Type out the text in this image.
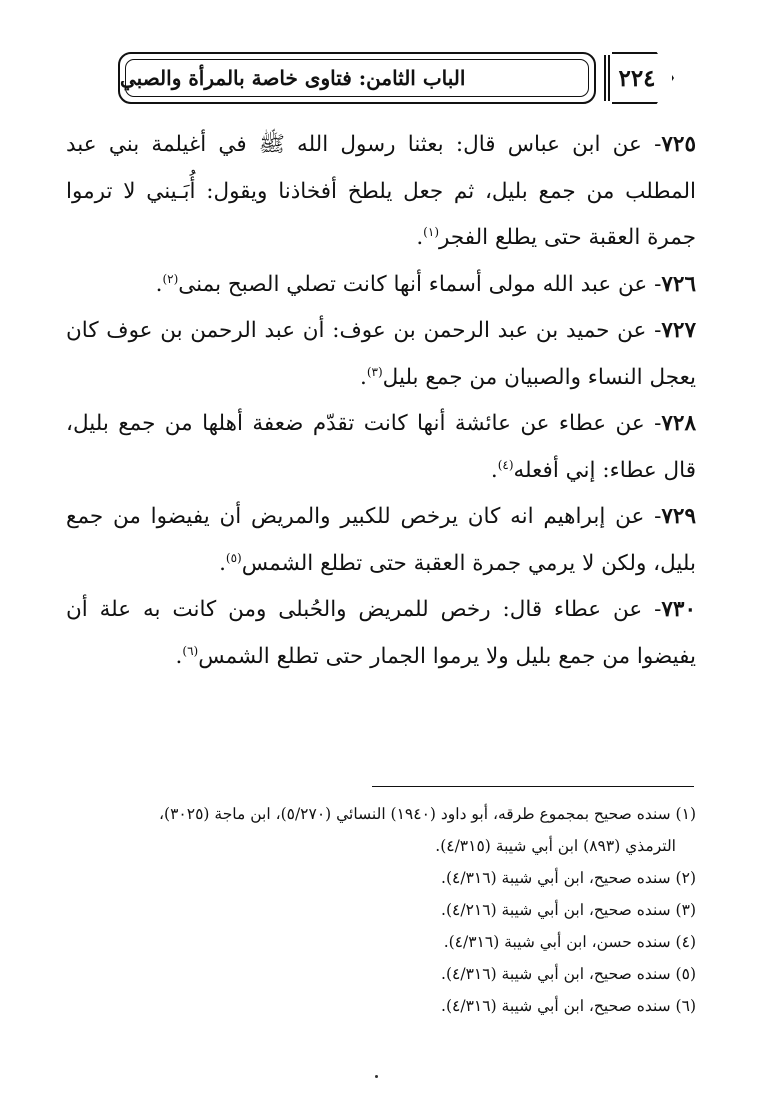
الباب الثامن: فتاوى خاصة بالمرأة والصبي	٢٢٤

٧٢٥- عن ابن عباس قال: بعثنا رسول الله ﷺ في أغيلمة بني عبد المطلب من جمع بليل، ثم جعل يلطخ أفخاذنا ويقول: أُبَـيني لا ترموا جمرة العقبة حتى يطلع الفجر$^{(١)}$.

٧٢٦- عن عبد الله مولى أسماء أنها كانت تصلي الصبح بمنى$^{(٢)}$.

٧٢٧- عن حميد بن عبد الرحمن بن عوف: أن عبد الرحمن بن عوف كان يعجل النساء والصبيان من جمع بليل$^{(٣)}$.

٧٢٨- عن عطاء عن عائشة أنها كانت تقدّم ضعفة أهلها من جمع بليل، قال عطاء: إني أفعله$^{(٤)}$.

٧٢٩- عن إبراهيم انه كان يرخص للكبير والمريض أن يفيضوا من جمع بليل، ولكن لا يرمي جمرة العقبة حتى تطلع الشمس$^{(٥)}$.

٧٣٠- عن عطاء قال: رخص للمريض والحُبلى ومن كانت به علة أن يفيضوا من جمع بليل ولا يرموا الجمار حتى تطلع الشمس$^{(٦)}$.

(١) سنده صحيح بمجموع طرقه، أبو داود (١٩٤٠) النسائي (٥/٢٧٠)، ابن ماجة (٣٠٢٥)،

الترمذي (٨٩٣) ابن أبي شيبة (٤/٣١٥).

(٢) سنده صحيح، ابن أبي شيبة (٤/٣١٦).

(٣) سنده صحيح، ابن أبي شيبة (٤/٢١٦).

(٤) سنده حسن، ابن أبي شيبة (٤/٣١٦).

(٥) سنده صحيح، ابن أبي شيبة (٤/٣١٦).

(٦) سنده صحيح، ابن أبي شيبة (٤/٣١٦).
